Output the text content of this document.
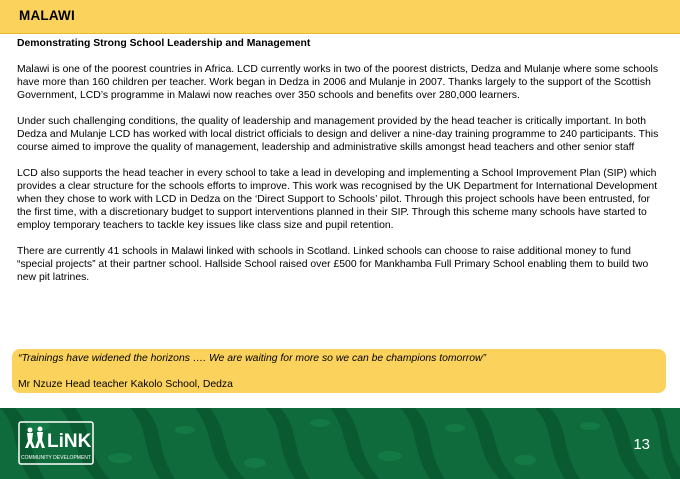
MALAWI

Demonstrating Strong School Leadership and Management

Malawi is one of the poorest countries in Africa. LCD currently works in two of the poorest districts, Dedza and Mulanje where some schools have more than 160 children per teacher. Work began in Dedza in 2006 and Mulanje in 2007. Thanks largely to the support of the Scottish Government, LCD’s programme in Malawi now reaches over 350 schools and benefits over 280,000 learners.

Under such challenging conditions, the quality of leadership and management provided by the head teacher is critically important. In both Dedza and Mulanje LCD has worked with local district officials to design and deliver a nine-day training programme to 240 participants. This course aimed to improve the quality of management, leadership and administrative skills amongst head teachers and other senior staff

LCD also supports the head teacher in every school to take a lead in developing and implementing a School Improvement Plan (SIP) which provides a clear structure for the schools efforts to improve. This work was recognised by the UK Department for International Development when they chose to work with LCD in Dedza on the ‘Direct Support to Schools’ pilot. Through this project schools have been entrusted, for the first time, with a discretionary budget to support interventions planned in their SIP. Through this scheme many schools have started to employ temporary teachers to tackle key issues like class size and pupil retention.

There are currently 41 schools in Malawi linked with schools in Scotland. Linked schools can choose to raise additional money to fund “special projects” at their partner school. Hallside School raised over £500 for Mankhamba Full Primary School enabling them to build two new pit latrines.

“Trainings have widened the horizons …. We are waiting for more so we can be champions tomorrow”
Mr Nzuze Head teacher Kakolo School, Dedza
LiNK
COMMUNITY DEVELOPMENT
13
